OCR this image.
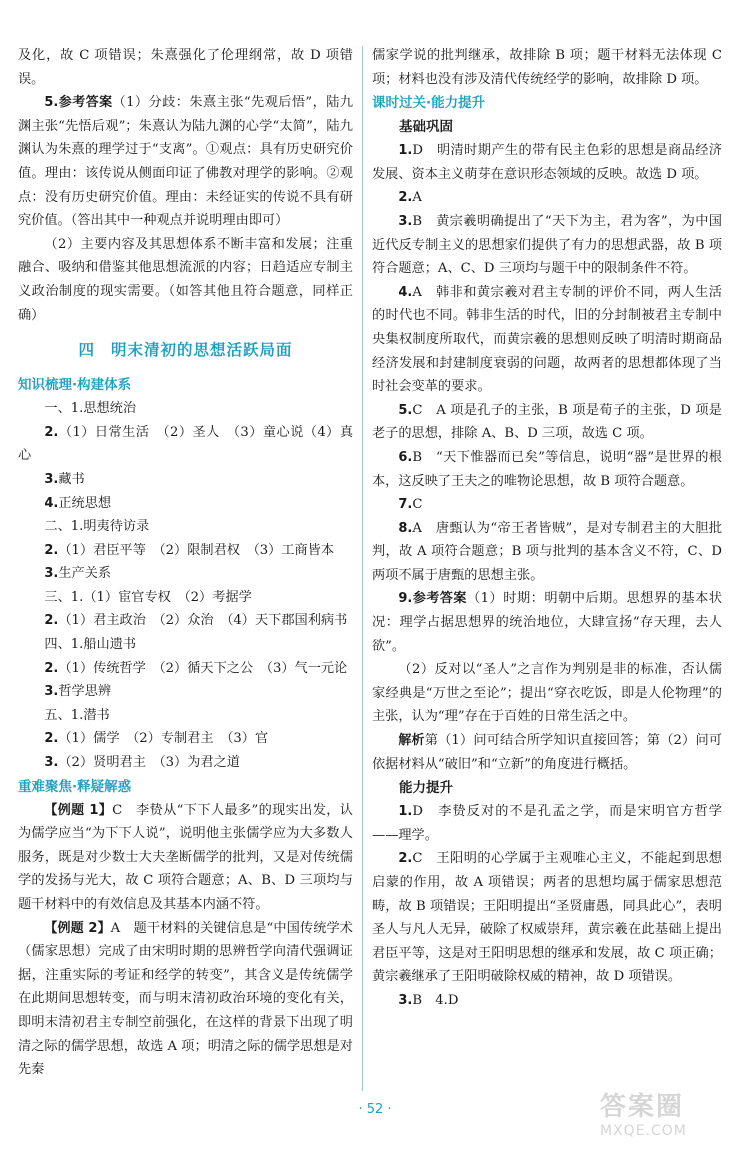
及化，故 C 项错误；朱熹强化了伦理纲常，故 D 项错误。

5.参考答案（1）分歧：朱熹主张“先观后悟”，陆九渊主张“先悟后观”；朱熹认为陆九渊的心学“太简”，陆九渊认为朱熹的理学过于“支离”。①观点：具有历史研究价值。理由：该传说从侧面印证了佛教对理学的影响。②观点：没有历史研究价值。理由：未经证实的传说不具有研究价值。（答出其中一种观点并说明理由即可）

（2）主要内容及其思想体系不断丰富和发展；注重融合、吸纳和借鉴其他思想流派的内容；日趋适应专制主义政治制度的现实需要。（如答其他且符合题意，同样正确）

四 明末清初的思想活跃局面
知识梳理·构建体系

一、1.思想统治

2.（1）日常生活　（2）圣人　（3）童心说（4）真心

3.藏书

4.正统思想

二、1.明夷待访录

2.（1）君臣平等　（2）限制君权　（3）工商皆本

3.生产关系

三、1.（1）宦官专权　（2）考据学

2.（1）君主政治　（2）众治　（4）天下郡国利病书

四、1.船山遗书

2.（1）传统哲学　（2）循天下之公　（3）气一元论

3.哲学思辨

五、1.潜书

2.（1）儒学　（2）专制君主　（3）官

3.（2）贤明君主　（3）为君之道

重难聚焦·释疑解惑

【例题 1】C　李贽从“下下人最多”的现实出发，认为儒学应当“为下下人说”，说明他主张儒学应为大多数人服务，既是对少数士大夫垄断儒学的批判，又是对传统儒学的发扬与光大，故 C 项符合题意；A、B、D 三项均与题干材料中的有效信息及其基本内涵不符。

【例题 2】A　题干材料的关键信息是“中国传统学术（儒家思想）完成了由宋明时期的思辨哲学向清代强调证据，注重实际的考证和经学的转变”，其含义是传统儒学在此期间思想转变，而与明末清初政治环境的变化有关，即明末清初君主专制空前强化，在这样的背景下出现了明清之际的儒学思想，故选 A 项；明清之际的儒学思想是对先秦

儒家学说的批判继承，故排除 B 项；题干材料无法体现 C 项；材料也没有涉及清代传统经学的影响，故排除 D 项。

课时过关·能力提升
基础巩固

1.D　明清时期产生的带有民主色彩的思想是商品经济发展、资本主义萌芽在意识形态领域的反映。故选 D 项。

2.A

3.B　黄宗羲明确提出了“天下为主，君为客”，为中国近代反专制主义的思想家们提供了有力的思想武器，故 B 项符合题意；A、C、D 三项均与题干中的限制条件不符。

4.A　韩非和黄宗羲对君主专制的评价不同，两人生活的时代也不同。韩非生活的时代，旧的分封制被君主专制中央集权制度所取代，而黄宗羲的思想则反映了明清时期商品经济发展和封建制度衰弱的问题，故两者的思想都体现了当时社会变革的要求。

5.C　A 项是孔子的主张，B 项是荀子的主张，D 项是老子的思想，排除 A、B、D 三项，故选 C 项。

6.B　“天下惟器而已矣”等信息，说明“器”是世界的根本，这反映了王夫之的唯物论思想，故 B 项符合题意。

7.C

8.A　唐甄认为“帝王者皆贼”，是对专制君主的大胆批判，故 A 项符合题意；B 项与批判的基本含义不符，C、D 两项不属于唐甄的思想主张。

9.参考答案（1）时期：明朝中后期。思想界的基本状况：理学占据思想界的统治地位，大肆宣扬“存天理，去人欲”。

（2）反对以“圣人”之言作为判别是非的标准，否认儒家经典是“万世之至论”；提出“穿衣吃饭，即是人伦物理”的主张，认为“理”存在于百姓的日常生活之中。

解析第（1）问可结合所学知识直接回答；第（2）问可依据材料从“破旧”和“立新”的角度进行概括。

能力提升

1.D　李贽反对的不是孔孟之学，而是宋明官方哲学——理学。

2.C　王阳明的心学属于主观唯心主义，不能起到思想启蒙的作用，故 A 项错误；两者的思想均属于儒家思想范畴，故 B 项错误；王阳明提出“圣贤庸愚，同具此心”，表明圣人与凡人无异，破除了权威崇拜，黄宗羲在此基础上提出君臣平等，这是对王阳明思想的继承和发展，故 C 项正确；黄宗羲继承了王阳明破除权威的精神，故 D 项错误。

3.B　4.D

· 52 ·	答案圈
MXQE.COM
